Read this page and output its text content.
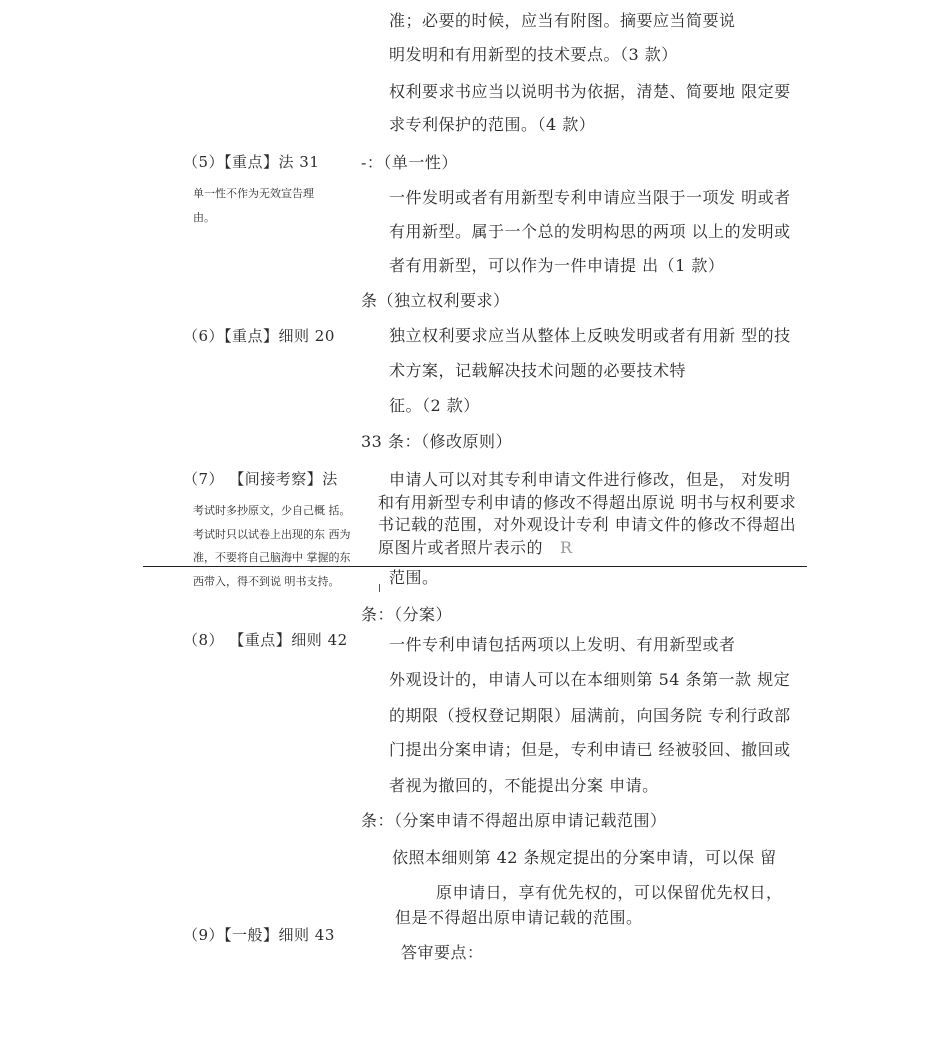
准；必要的时候，应当有附图。摘要应当简要说
明发明和有用新型的技术要点。（3 款）
权利要求书应当以说明书为依据，清楚、简要地 限定要
求专利保护的范围。（4 款）
-：（单一性）
一件发明或者有用新型专利申请应当限于一项发 明或者
有用新型。属于一个总的发明构思的两项 以上的发明或
者有用新型，可以作为一件申请提 出（1 款）
条（独立权利要求）
独立权利要求应当从整体上反映发明或者有用新 型的技
术方案，记载解决技术问题的必要技术特
征。（2 款）
33 条：（修改原则）
申请人可以对其专利申请文件进行修改，但是， 对发明
和有用新型专利申请的修改不得超出原说 明书与权利要求
书记载的范围，对外观设计专利 申请文件的修改不得超出
原图片或者照片表示的 R
范围。
条：（分案）
一件专利申请包括两项以上发明、有用新型或者
外观设计的，申请人可以在本细则第 54 条第一款 规定
的期限（授权登记期限）届满前，向国务院 专利行政部
门提出分案申请；但是，专利申请已 经被驳回、撤回或
者视为撤回的，不能提出分案 申请。
条：（分案申请不得超出原申请记载范围）
依照本细则第 42 条规定提出的分案申请，可以保 留
原申请日，享有优先权的，可以保留优先权日，
但是不得超出原申请记载的范围。
答审要点：
（5）【重点】法 31
单一性不作为无效宣告理
由。
（6）【重点】细则 20
（7） 【间接考察】法
考试时多抄原文，少自己概 括。
考试时只以试卷上出现的东 西为
准，不要将自己脑海中 掌握的东
西带入，得不到说 明书支持。
（8） 【重点】细则 42
（9）【一般】细则 43
